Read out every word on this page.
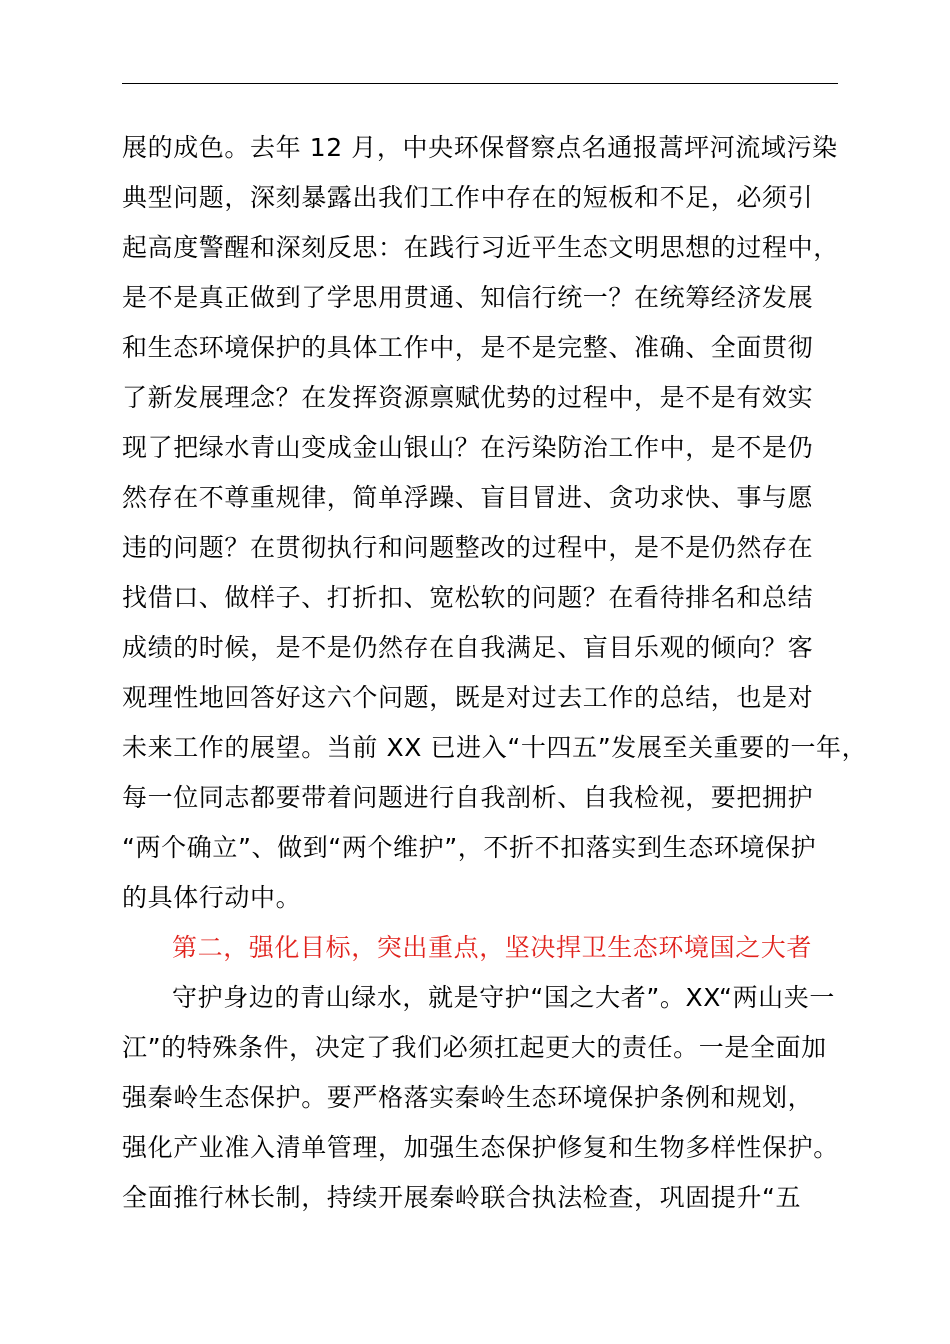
展的成色。去年 12 月，中央环保督察点名通报蒿坪河流域污染
典型问题，深刻暴露出我们工作中存在的短板和不足，必须引
起高度警醒和深刻反思：在践行习近平生态文明思想的过程中，
是不是真正做到了学思用贯通、知信行统一？在统筹经济发展
和生态环境保护的具体工作中，是不是完整、准确、全面贯彻
了新发展理念？在发挥资源禀赋优势的过程中，是不是有效实
现了把绿水青山变成金山银山？在污染防治工作中，是不是仍
然存在不尊重规律，简单浮躁、盲目冒进、贪功求快、事与愿
违的问题？在贯彻执行和问题整改的过程中，是不是仍然存在
找借口、做样子、打折扣、宽松软的问题？在看待排名和总结
成绩的时候，是不是仍然存在自我满足、盲目乐观的倾向？客
观理性地回答好这六个问题，既是对过去工作的总结，也是对
未来工作的展望。当前 XX 已进入“十四五”发展至关重要的一年，
每一位同志都要带着问题进行自我剖析、自我检视，要把拥护
“两个确立”、做到“两个维护”，不折不扣落实到生态环境保护
的具体行动中。
第二，强化目标，突出重点，坚决捍卫生态环境国之大者
守护身边的青山绿水，就是守护“国之大者”。XX“两山夹一
江”的特殊条件，决定了我们必须扛起更大的责任。一是全面加
强秦岭生态保护。要严格落实秦岭生态环境保护条例和规划，
强化产业准入清单管理，加强生态保护修复和生物多样性保护。
全面推行林长制，持续开展秦岭联合执法检查，巩固提升“五
